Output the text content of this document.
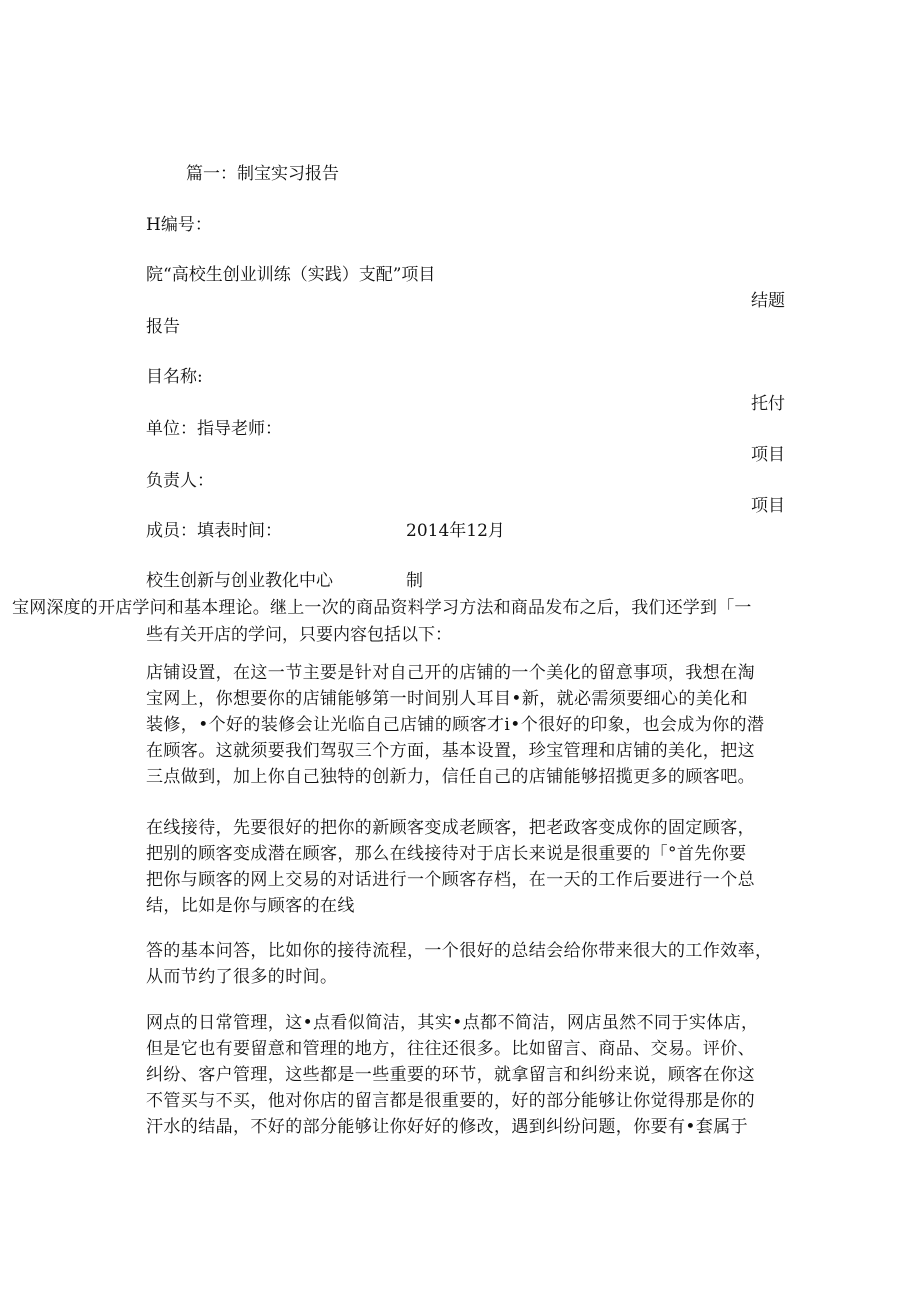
篇一：制宝实习报告
H编号：
院“高校生创业训练（实践）支配”项目
结题
报告
目名称:
托付
单位：指导老师：
项目
负责人：
项目
成员：填表时间：	2014年12月
校生创新与创业教化中心	制
宝网深度的开店学问和基本理论。继上一次的商品资料学习方法和商品发布之后，我们还学到「一
些有关开店的学问，只要内容包括以下：
店铺设置，在这一节主要是针对自己开的店铺的一个美化的留意事项，我想在淘
宝网上，你想要你的店铺能够第一时间别人耳目•新，就必需须要细心的美化和
装修，•个好的装修会让光临自己店铺的顾客才i•个很好的印象，也会成为你的潜
在顾客。这就须要我们驾驭三个方面，基本设置，珍宝管理和店铺的美化，把这
三点做到，加上你自己独特的创新力，信任自己的店铺能够招揽更多的顾客吧。
在线接待，先要很好的把你的新顾客变成老顾客，把老政客变成你的固定顾客，
把别的顾客变成潜在顾客，那么在线接待对于店长来说是很重要的「°首先你要
把你与顾客的网上交易的对话进行一个顾客存档，在一天的工作后要进行一个总
结，比如是你与顾客的在线
答的基本问答，比如你的接待流程，一个很好的总结会给你带来很大的工作效率，
从而节约了很多的时间。
网点的日常管理，这•点看似简洁，其实•点都不简洁，网店虽然不同于实体店，
但是它也有要留意和管理的地方，往往还很多。比如留言、商品、交易。评价、
纠纷、客户管理，这些都是一些重要的环节，就拿留言和纠纷来说，顾客在你这
不管买与不买，他对你店的留言都是很重要的，好的部分能够让你觉得那是你的
汗水的结晶，不好的部分能够让你好好的修改，遇到纠纷问题，你要有•套属于
